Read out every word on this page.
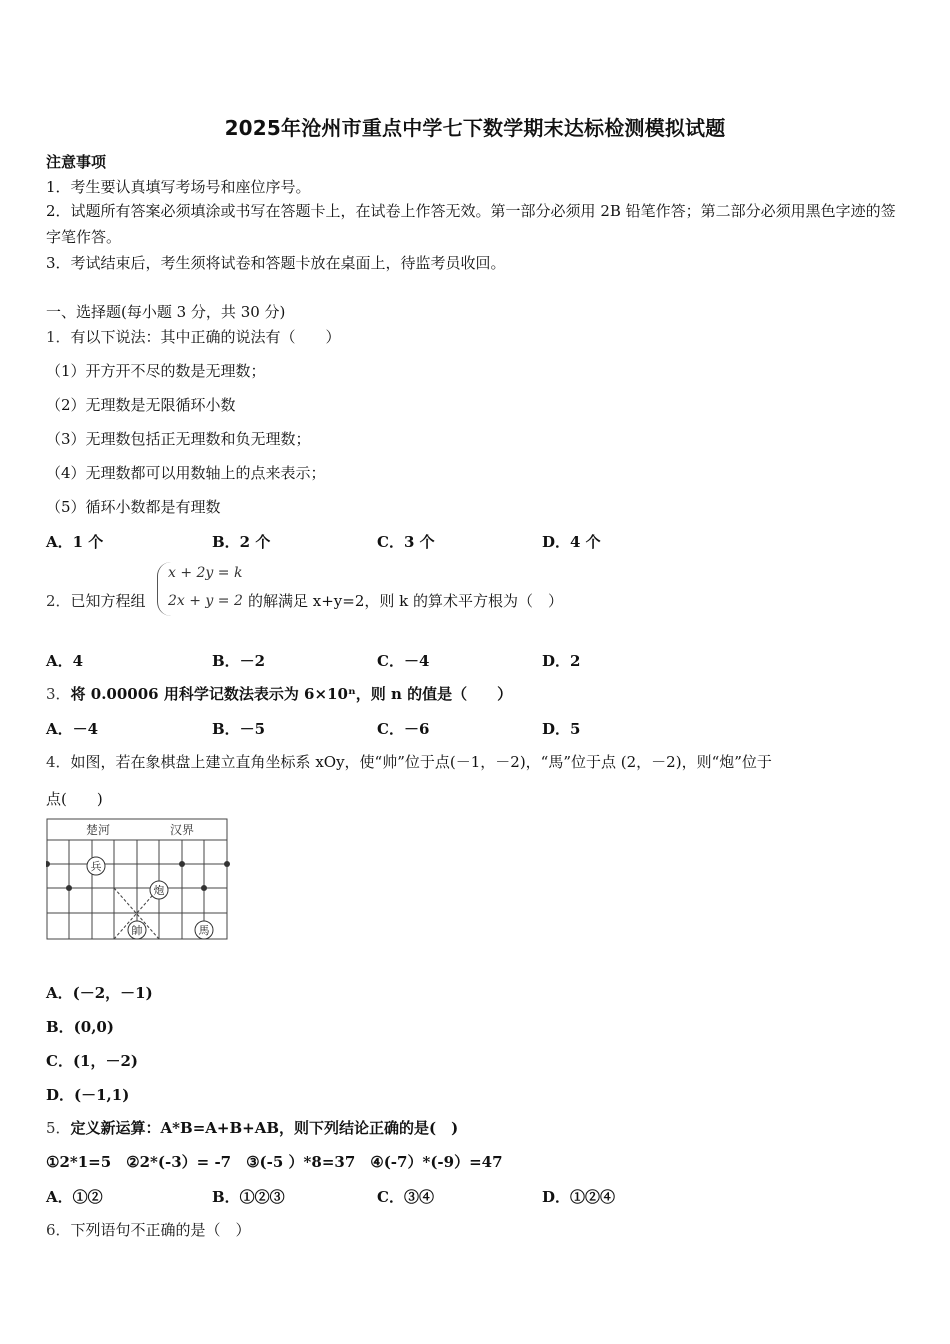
2025年沧州市重点中学七下数学期末达标检测模拟试题
注意事项
1．考生要认真填写考场号和座位序号。
2．试题所有答案必须填涂或书写在答题卡上，在试卷上作答无效。第一部分必须用 2B 铅笔作答；第二部分必须用黑色字迹的签字笔作答。
3．考试结束后，考生须将试卷和答题卡放在桌面上，待监考员收回。
一、选择题(每小题 3 分，共 30 分)
1．有以下说法：其中正确的说法有（　　）
（1）开方开不尽的数是无理数；
（2）无理数是无限循环小数
（3）无理数包括正无理数和负无理数；
（4）无理数都可以用数轴上的点来表示；
（5）循环小数都是有理数
A．1 个	B．2 个	C．3 个	D．4 个
2．已知方程组
x + 2y = k
2x + y = 2 的解满足 x+y=2，则 k 的算术平方根为（　）
A．4	B．－2	C．－4	D．2
3．将 0.00006 用科学记数法表示为 6×10ⁿ，则 n 的值是（　　）
A．－4	B．－5	C．－6	D．5
4．如图，若在象棋盘上建立直角坐标系 xOy，使“帅”位于点(－1，－2)，“馬”位于点 (2，－2)，则“炮”位于
点(　　)
楚河	汉界
兵
炮
帥	馬
A．(－2，－1)
B．(0,0)
C．(1，－2)
D．(－1,1)
5．定义新运算：A*B=A+B+AB，则下列结论正确的是(　)
①2*1=5　②2*(-3）= -7　③(-5 ）*8=37　④(-7）*(-9）=47
A．①②	B．①②③	C．③④	D．①②④
6．下列语句不正确的是（　）
